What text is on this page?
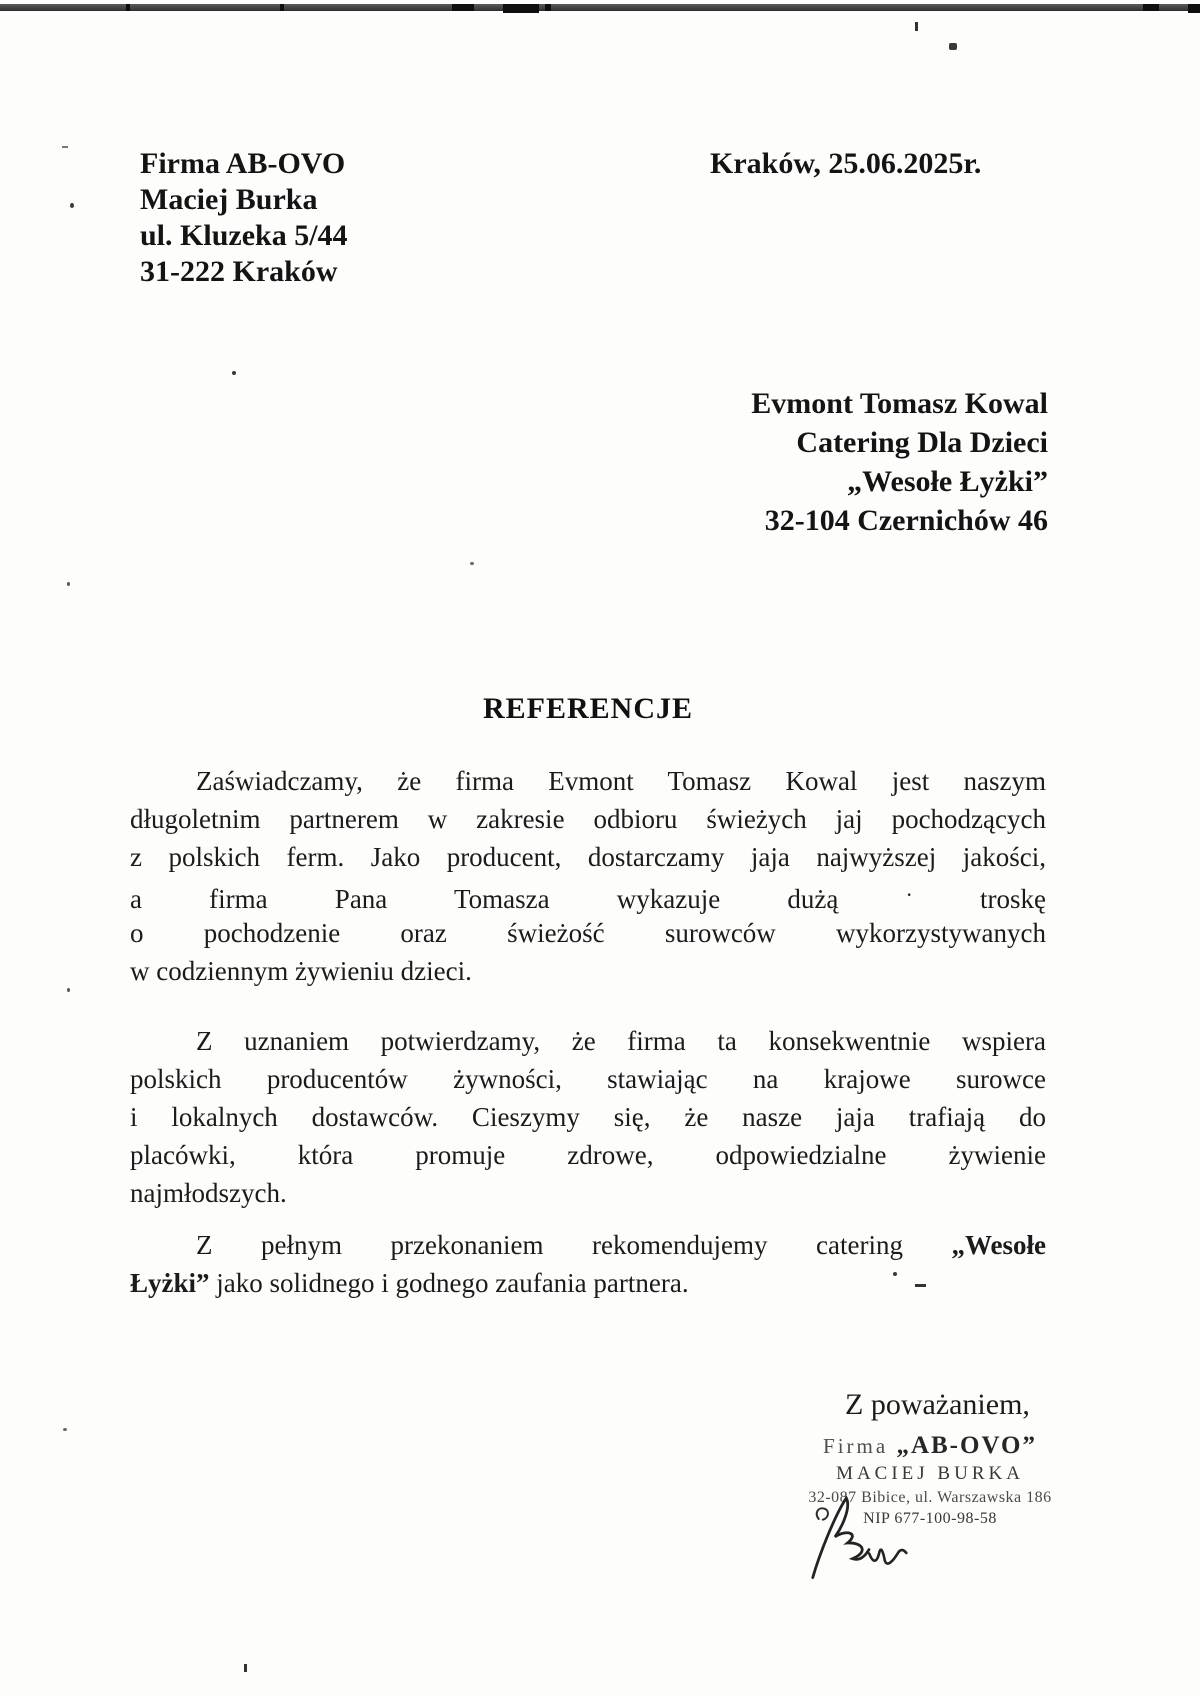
Firma AB-OVO
Maciej Burka
ul. Kluzeka 5/44
31-222 Kraków
Kraków, 25.06.2025r.
Evmont Tomasz Kowal
Catering Dla Dzieci
„Wesołe Łyżki”
32-104 Czernichów 46
REFERENCJE
Zaświadczamy, że firma Evmont Tomasz Kowal jest naszym
długoletnim partnerem w zakresie odbioru świeżych jaj pochodzących
z polskich ferm. Jako producent, dostarczamy jaja najwyższej jakości,
a firma Pana Tomasza wykazuje dużą	· troskę
o pochodzenie oraz świeżość surowców wykorzystywanych
w codziennym żywieniu dzieci.
Z uznaniem potwierdzamy, że firma ta konsekwentnie wspiera
polskich producentów żywności, stawiając na krajowe surowce
i lokalnych dostawców. Cieszymy się, że nasze jaja trafiają do
placówki, która promuje zdrowe, odpowiedzialne żywienie
najmłodszych.
Z pełnym przekonaniem rekomendujemy catering „Wesołe
Łyżki” jako solidnego i godnego zaufania partnera.
Z poważaniem,
Firma „AB-OVO”
MACIEJ BURKA
32-087 Bibice, ul. Warszawska 186
NIP 677-100-98-58
